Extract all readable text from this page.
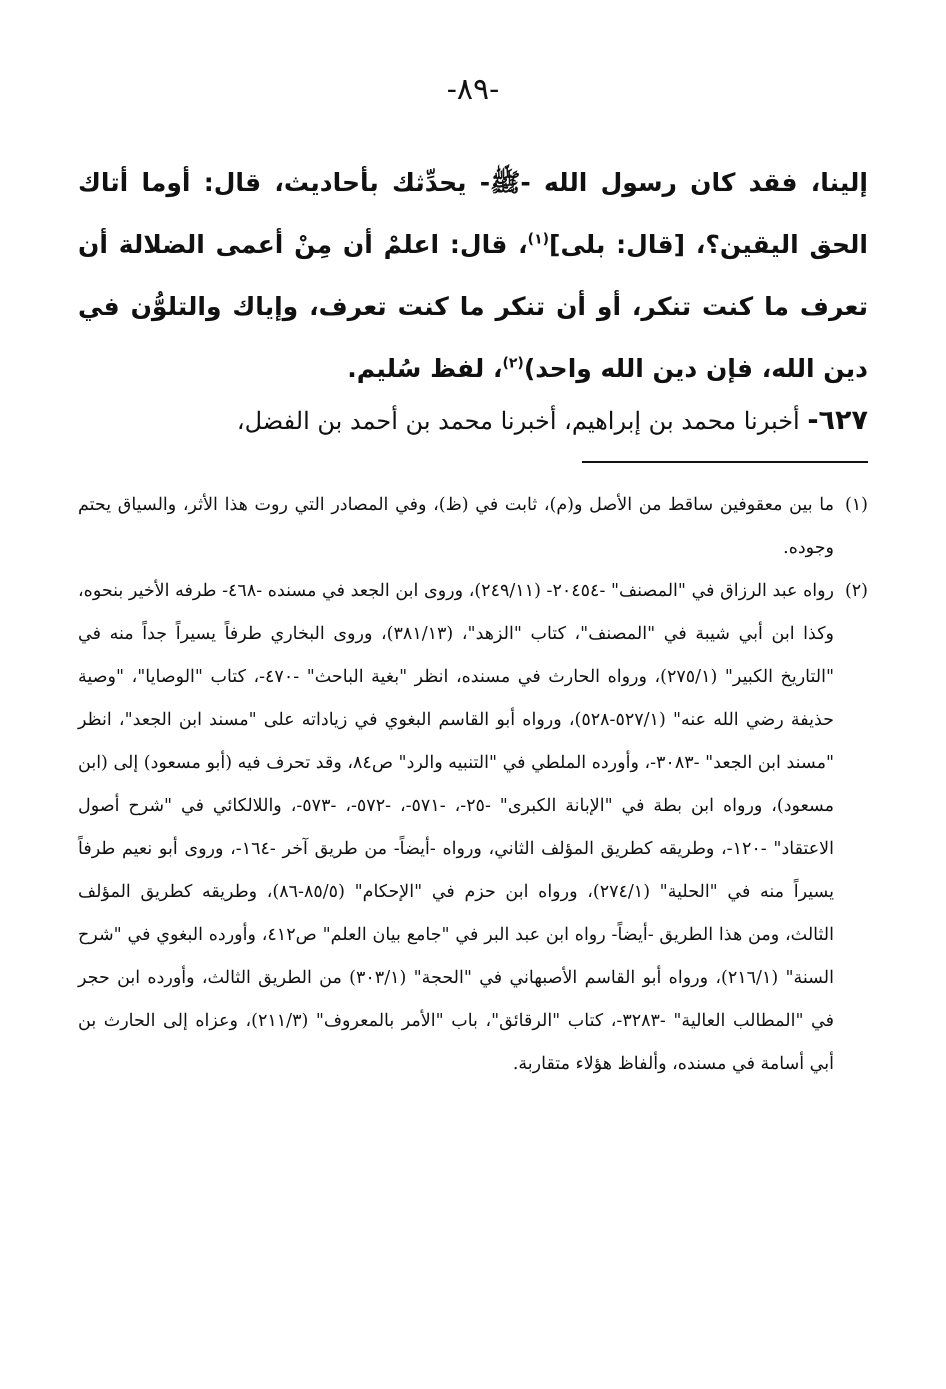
-٨٩-

إلينا، فقد كان رسول الله -ﷺ- يحدِّثك بأحاديث، قال: أوما أتاك الحق اليقين؟، [قال: بلى]$^{(١)}$، قال: اعلمْ أن مِنْ أعمى الضلالة أن تعرف ما كنت تنكر، أو أن تنكر ما كنت تعرف، وإياك والتلوُّن في دين الله، فإن دين الله واحد)$^{(٢)}$، لفظ سُليم.

٦٢٧- أخبرنا محمد بن إبراهيم، أخبرنا محمد بن أحمد بن الفضل،
(١)
ما بين معقوفين ساقط من الأصل و(م)، ثابت في (ظ)، وفي المصادر التي روت هذا الأثر، والسياق يحتم وجوده.
(٢)
رواه عبد الرزاق في "المصنف" -٢٠٤٥٤- (٢٤٩/١١)، وروى ابن الجعد في مسنده -٤٦٨- طرفه الأخير بنحوه، وكذا ابن أبي شيبة في "المصنف"، كتاب "الزهد"، (٣٨١/١٣)، وروى البخاري طرفاً يسيراً جداً منه في "التاريخ الكبير" (٢٧٥/١)، ورواه الحارث في مسنده، انظر "بغية الباحث" -٤٧٠-، كتاب "الوصايا"، "وصية حذيفة رضي الله عنه" (٥٢٧/١-٥٢٨)، ورواه أبو القاسم البغوي في زياداته على "مسند ابن الجعد"، انظر "مسند ابن الجعد" -٣٠٨٣-، وأورده الملطي في "التنبيه والرد" ص٨٤، وقد تحرف فيه (أبو مسعود) إلى (ابن مسعود)، ورواه ابن بطة في "الإبانة الكبرى" -٢٥-، -٥٧١-، -٥٧٢-، -٥٧٣-، واللالكائي في "شرح أصول الاعتقاد" -١٢٠-، وطريقه كطريق المؤلف الثاني، ورواه -أيضاً- من طريق آخر -١٦٤-، وروى أبو نعيم طرفاً يسيراً منه في "الحلية" (٢٧٤/١)، ورواه ابن حزم في "الإحكام" (٨٥/٥-٨٦)، وطريقه كطريق المؤلف الثالث، ومن هذا الطريق -أيضاً- رواه ابن عبد البر في "جامع بيان العلم" ص٤١٢، وأورده البغوي في "شرح السنة" (٢١٦/١)، ورواه أبو القاسم الأصبهاني في "الحجة" (٣٠٣/١) من الطريق الثالث، وأورده ابن حجر في "المطالب العالية" -٣٢٨٣-، كتاب "الرقائق"، باب "الأمر بالمعروف" (٢١١/٣)، وعزاه إلى الحارث بن أبي أسامة في مسنده، وألفاظ هؤلاء متقاربة.
